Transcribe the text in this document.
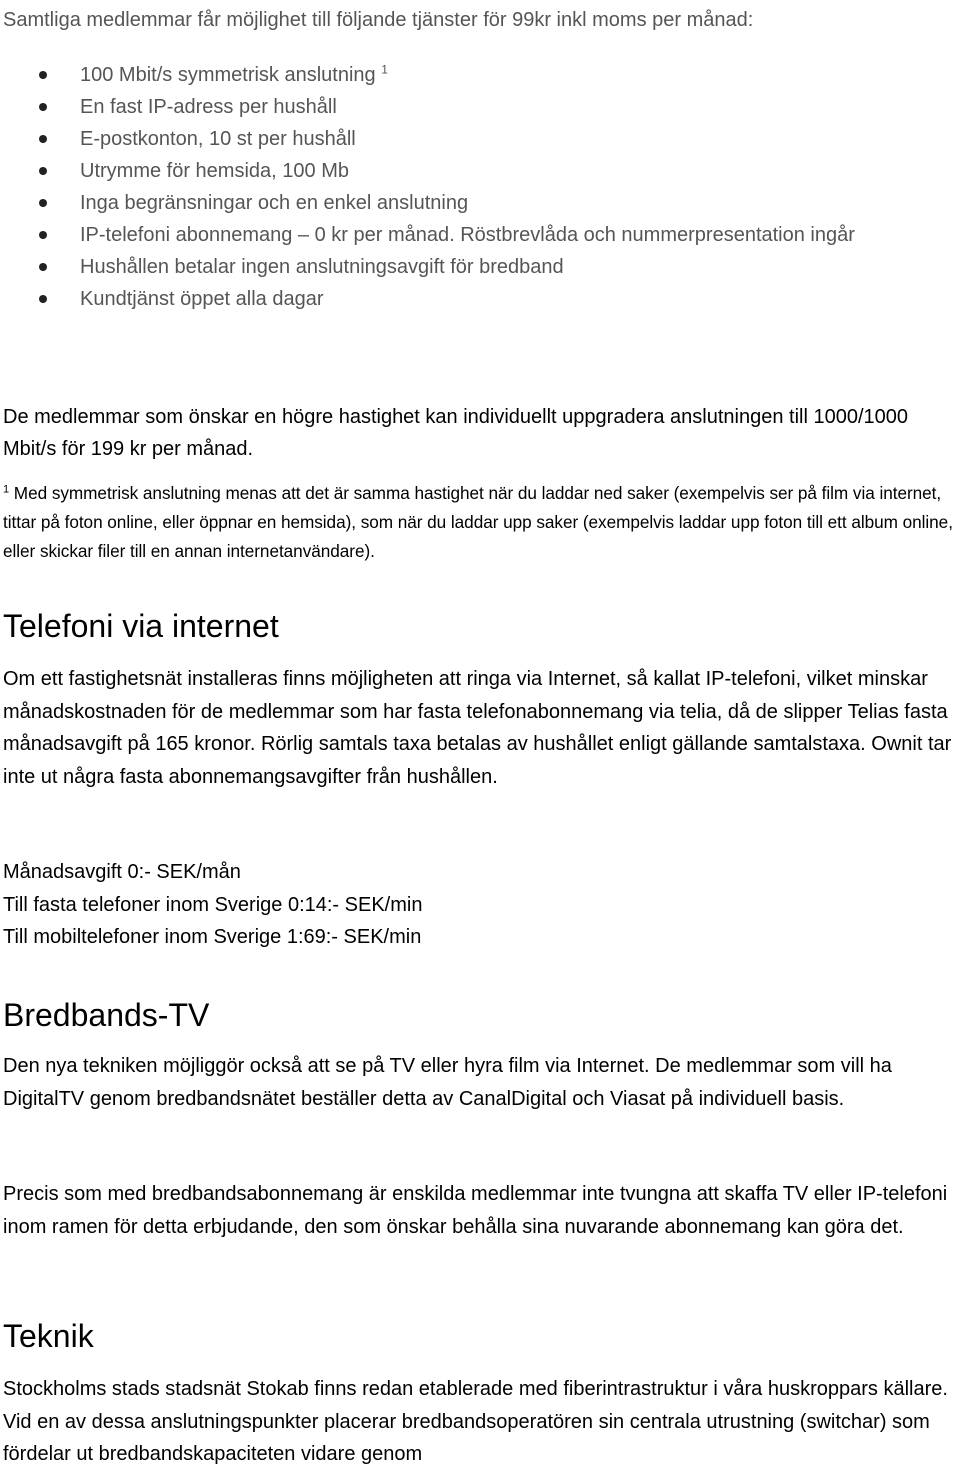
Samtliga medlemmar får möjlighet till följande tjänster för 99kr inkl moms per månad:
100 Mbit/s symmetrisk anslutning $^1$
En fast IP-adress per hushåll
E-postkonton, 10 st per hushåll
Utrymme för hemsida, 100 Mb
Inga begränsningar och en enkel anslutning
IP-telefoni abonnemang – 0 kr per månad. Röstbrevlåda och nummerpresentation ingår
Hushållen betalar ingen anslutningsavgift för bredband
Kundtjänst öppet alla dagar

De medlemmar som önskar en högre hastighet kan individuellt uppgradera anslutningen till 1000/1000 Mbit/s för 199 kr per månad.

$^1$ Med symmetrisk anslutning menas att det är samma hastighet när du laddar ned saker (exempelvis ser på film via internet, tittar på foton online, eller öppnar en hemsida), som när du laddar upp saker (exempelvis laddar upp foton till ett album online, eller skickar filer till en annan internetanvändare).

Telefoni via internet

Om ett fastighetsnät installeras finns möjligheten att ringa via Internet, så kallat IP-telefoni, vilket minskar månadskostnaden för de medlemmar som har fasta telefonabonnemang via telia, då de slipper Telias fasta månadsavgift på 165 kronor. Rörlig samtals taxa betalas av hushållet enligt gällande samtalstaxa. Ownit tar inte ut några fasta abonnemangsavgifter från hushållen.

Månadsavgift 0:- SEK/mån
Till fasta telefoner inom Sverige 0:14:- SEK/min
Till mobiltelefoner inom Sverige 1:69:- SEK/min
Bredbands-TV

Den nya tekniken möjliggör också att se på TV eller hyra film via Internet. De medlemmar som vill ha DigitalTV genom bredbandsnätet beställer detta av CanalDigital och Viasat på individuell basis.

Precis som med bredbandsabonnemang är enskilda medlemmar inte tvungna att skaffa TV eller IP-telefoni inom ramen för detta erbjudande, den som önskar behålla sina nuvarande abonnemang kan göra det.

Teknik

Stockholms stads stadsnät Stokab finns redan etablerade med fiberintrastruktur i våra huskroppars källare. Vid en av dessa anslutningspunkter placerar bredbandsoperatören sin centrala utrustning (switchar) som fördelar ut bredbandskapaciteten vidare genom
